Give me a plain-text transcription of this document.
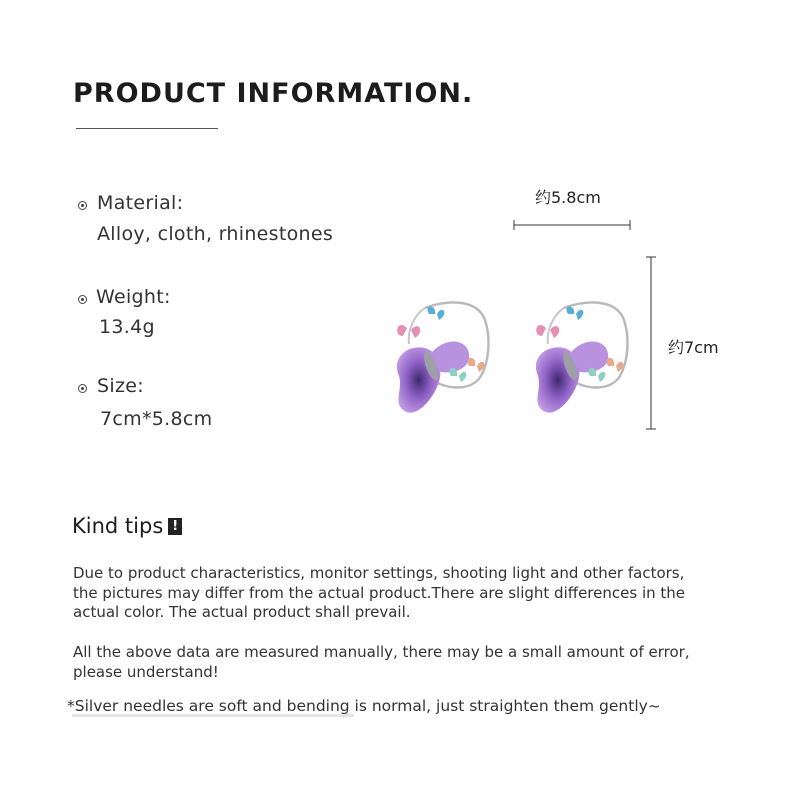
PRODUCT INFORMATION.
Material:
Alloy, cloth, rhinestones
Weight:
13.4g
Size:
7cm*5.8cm
约5.8cm
约7cm
Kind tips !
Due to product characteristics, monitor settings, shooting light and other factors, the pictures may differ from the actual product.There are slight differences in the actual color. The actual product shall prevail.
All the above data are measured manually, there may be a small amount of error, please understand!
*Silver needles are soft and bending is normal, just straighten them gently~
